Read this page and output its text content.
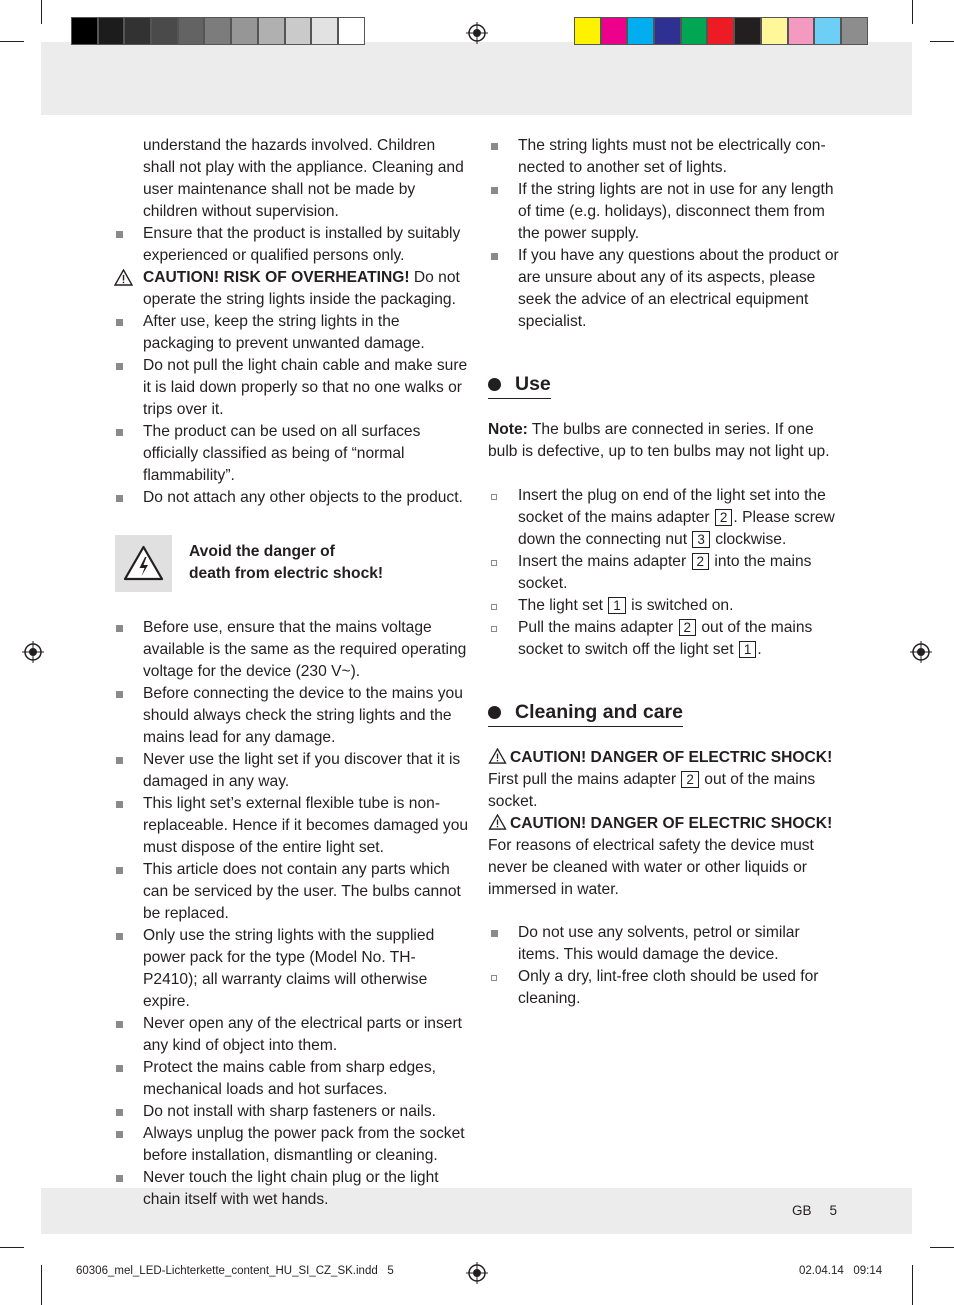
understand the hazards involved. Children shall not play with the appliance. Cleaning and user maintenance shall not be made by children without supervision.
Ensure that the product is installed by suitably experienced or qualified persons only.
CAUTION! RISK OF OVERHEATING! Do not operate the string lights inside the packaging.
After use, keep the string lights in the packaging to prevent unwanted damage.
Do not pull the light chain cable and make sure it is laid down properly so that no one walks or trips over it.
The product can be used on all surfaces officially classified as being of “normal flammability”.
Do not attach any other objects to the product.
Avoid the danger of
death from electric shock!
Before use, ensure that the mains voltage available is the same as the required operating voltage for the device (230 V~).
Before connecting the device to the mains you should always check the string lights and the mains lead for any damage.
Never use the light set if you discover that it is damaged in any way.
This light set’s external flexible tube is non-replaceable. Hence if it becomes damaged you must dispose of the entire light set.
This article does not contain any parts which can be serviced by the user. The bulbs cannot be replaced.
Only use the string lights with the supplied power pack for the type (Model No. TH-P2410); all warranty claims will otherwise expire.
Never open any of the electrical parts or insert any kind of object into them.
Protect the mains cable from sharp edges, mechanical loads and hot surfaces.
Do not install with sharp fasteners or nails.
Always unplug the power pack from the socket before installation, dismantling or cleaning.
Never touch the light chain plug or the light chain itself with wet hands.
The string lights must not be electrically con-nected to another set of lights.
If the string lights are not in use for any length of time (e.g. holidays), disconnect them from the power supply.
If you have any questions about the product or are unsure about any of its aspects, please seek the advice of an electrical equipment specialist.
Use
Note: The bulbs are connected in series. If one bulb is defective, up to ten bulbs may not light up.
Insert the plug on end of the light set into the socket of the mains adapter 2 . Please screw down the connecting nut 3 clockwise.
Insert the mains adapter 2 into the mains socket.
The light set 1 is switched on.
Pull the mains adapter 2 out of the mains socket to switch off the light set 1 .
Cleaning and care
CAUTION! DANGER OF ELECTRIC SHOCK!
First pull the mains adapter 2 out of the mains socket.
CAUTION! DANGER OF ELECTRIC SHOCK!
For reasons of electrical safety the device must never be cleaned with water or other liquids or immersed in water.
Do not use any solvents, petrol or similar items. This would damage the device.
Only a dry, lint-free cloth should be used for cleaning.
GB 5
60306_mel_LED-Lichterkette_content_HU_SI_CZ_SK.indd   5	02.04.14   09:14
